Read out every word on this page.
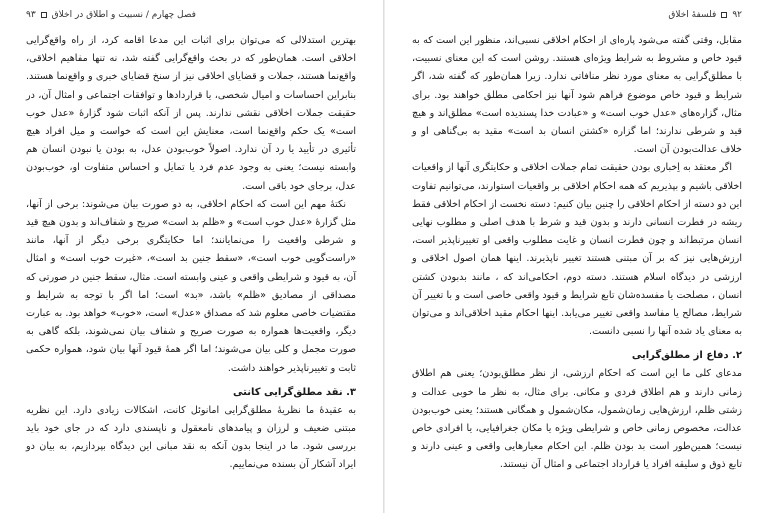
فصل چهارم / نسبیت و اطلاق در اخلاق
۹۳

بهترین استدلالی که می‌توان برای اثبات این مدعا اقامه کرد، از راه واقع‌گرایی اخلاقی است. همان‌طور که در بحث واقع‌گرایی گفته شد، نه تنها مفاهیم اخلاقی، واقع‌نما هستند، جملات و قضایای اخلاقی نیز از سنخ قضایای خبری و واقع‌نما هستند. بنابراین احساسات و امیال شخصی، یا قراردادها و توافقات اجتماعی و امثال آن، در حقیقت جملات اخلاقی نقشی ندارند. پس از آنکه اثبات شود گزارهٔ «عدل خوب است» یک حکم واقع‌نما است، معنایش این است که خواست و میل افراد هیچ تأثیری در تأیید یا رد آن ندارد. اصولاً خوب‌بودن عدل، به بودن یا نبودن انسان هم وابسته نیست؛ یعنی به وجود عدم فرد یا تمایل و احساس متفاوت او، خوب‌بودن عدل، برجای خود باقی است.

نکتهٔ مهم این است که احکام اخلاقی، به دو صورت بیان می‌شوند: برخی از آنها، مثل گزارهٔ «عدل خوب است» و «ظلم بد است» صریح و شفاف‌اند و بدون هیچ قید و شرطی واقعیت را می‌نمایانند؛ اما حکایتگری برخی دیگر از آنها، مانند «راست‌گویی خوب است»، «سقط جنین بد است»، «غیرت خوب است» و امثال آن، به قیود و شرایطی واقعی و عینی وابسته است. مثال، سقط جنین در صورتی که مصداقی از مصادیق «ظلم» باشد، «بد» است؛ اما اگر با توجه به شرایط و مقتضیات خاصی معلوم شد که مصداق «عدل» است، «خوب» خواهد بود. به عبارت دیگر، واقعیت‌ها همواره به صورت صریح و شفاف بیان نمی‌شوند، بلکه گاهی به صورت مجمل و کلی بیان می‌شوند؛ اما اگر همهٔ قیود آنها بیان شود، همواره حکمی ثابت و تغییرناپذیر خواهند داشت.

۳. نقد مطلق‌گرایی کانتی

به عقیدهٔ ما نظریهٔ مطلق‌گرایی امانوئل کانت، اشکالات زیادی دارد. این نظریه مبتنی ضعیف و لرزان و پیامدهای نامعقول و ناپسندی دارد که در جای خود باید بررسی شود. ما در اینجا بدون آنکه به نقد مبانی این دیدگاه بپردازیم، به بیان دو ایراد آشکار آن بسنده می‌نماییم.

۹۲
فلسفهٔ اخلاق

مقابل، وقتی گفته می‌شود پاره‌ای از احکام اخلاقی نسبی‌اند، منظور این است که به قیود خاص و مشروط به شرایط ویژه‌ای هستند. روشن است که این معنای نسبیت، با مطلق‌گرایی به معنای مورد نظر منافاتی ندارد. زیرا همان‌طور که گفته شد، اگر شرایط و قیود خاص موضوع فراهم شود آنها نیز احکامی مطلق خواهند بود. برای مثال، گزاره‌های «عدل خوب است» و «عبادت خدا پسندیده است» مطلق‌اند و هیچ قید و شرطی ندارند؛ اما گزاره «کشتن انسان بد است» مقید به بی‌گناهی او و خلاف عدالت‌بودن آن است.

اگر معتقد به اِخباری بودن حقیقت تمام جملات اخلاقی و حکایتگری آنها از واقعیات اخلاقی باشیم و بپذیریم که همه احکام اخلاقی بر واقعیات استوارند، می‌توانیم تفاوت این دو دسته از احکام اخلاقی را چنین بیان کنیم: دسته نخست از احکام اخلاقی فقط ریشه در فطرت انسانی دارند و بدون قید و شرط با هدف اصلی و مطلوب نهایی انسان مرتبط‌اند و چون فطرت انسان و غایت مطلوب واقعی او تغییرناپذیر است، ارزش‌هایی نیز که بر آن مبتنی هستند تغییر ناپذیرند. اینها همان اصول اخلاقی و ارزشی در دیدگاه اسلام هستند. دسته دوم، احکامی‌اند که ، مانند بدبودن کشتن انسان ، مصلحت یا مفسده‌شان تابع شرایط و قیود واقعی خاصی است و با تغییر آن شرایط، مصالح یا مفاسد واقعی تغییر می‌یابد. اینها احکام مقید اخلاقی‌اند و می‌توان به معنای یاد شده آنها را نسبی دانست.

۲. دفاع از مطلق‌گرایی

مدعای کلی ما این است که احکام ارزشی، از نظر مطلق‌بودن؛ یعنی هم اطلاق زمانی دارند و هم اطلاق فردی و مکانی. برای مثال، به نظر ما خوبی عدالت و زشتی ظلم، ارزش‌هایی زمان‌شمول، مکان‌شمول و همگانی هستند؛ یعنی خوب‌بودن عدالت، مخصوص زمانی خاص و شرایطی ویژه یا مکان جغرافیایی، یا افرادی خاص نیست؛ همین‌طور است بد بودن ظلم. این احکام معیارهایی واقعی و عینی دارند و تابع ذوق و سلیقه افراد یا قرارداد اجتماعی و امثال آن نیستند.
